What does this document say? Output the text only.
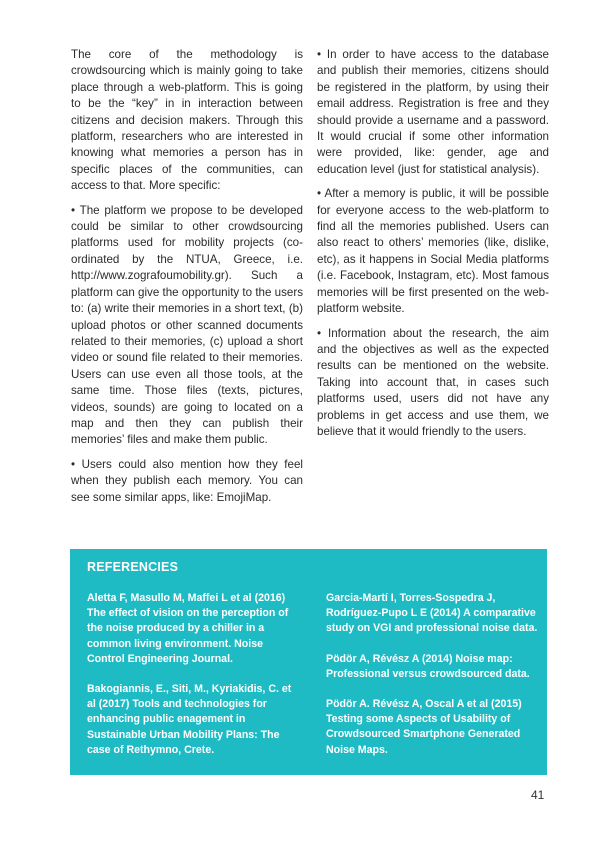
The core of the methodology is crowdsourcing which is mainly going to take place through a web-platform. This is going to be the “key” in in interaction between citizens and decision makers. Through this platform, researchers who are interested in knowing what memories a person has in specific places of the communities, can access to that. More specific:

• The platform we propose to be developed could be similar to other crowdsourcing platforms used for mobility projects (co-ordinated by the NTUA, Greece, i.e. http://www.zografoumobility.gr). Such a platform can give the opportunity to the users to: (a) write their memories in a short text, (b) upload photos or other scanned documents related to their memories, (c) upload a short video or sound file related to their memories. Users can use even all those tools, at the same time. Those files (texts, pictures, videos, sounds) are going to located on a map and then they can publish their memories’ files and make them public.

• Users could also mention how they feel when they publish each memory. You can see some similar apps, like: EmojiMap.

• In order to have access to the database and publish their memories, citizens should be registered in the platform, by using their email address. Registration is free and they should provide a username and a password. It would crucial if some other information were provided, like: gender, age and education level (just for statistical analysis).

• After a memory is public, it will be possible for everyone access to the web-platform to find all the memories published. Users can also react to others’ memories (like, dislike, etc), as it happens in Social Media platforms (i.e. Facebook, Instagram, etc). Most famous memories will be first presented on the web-platform website.

• Information about the research, the aim and the objectives as well as the expected results can be mentioned on the website. Taking into account that, in cases such platforms used, users did not have any problems in get access and use them, we believe that it would friendly to the users.

REFERENCIES

Aletta F, Masullo M, Maffei L et al (2016) The effect of vision on the perception of the noise produced by a chiller in a common living environment. Noise Control Engineering Journal.

Bakogiannis, E., Siti, M., Kyriakidis, C. et al (2017) Tools and technologies for enhancing public enagement in Sustainable Urban Mobility Plans: The case of Rethymno, Crete.

Garcia-Martí I, Torres-Sospedra J, Rodríguez-Pupo L E (2014) A comparative study on VGI and professional noise data.

Pödör A, Révész A (2014) Noise map: Professional versus crowdsourced data.

Pödör A. Révész A, Oscal A et al (2015) Testing some Aspects of Usability of Crowdsourced Smartphone Generated Noise Maps.

41
